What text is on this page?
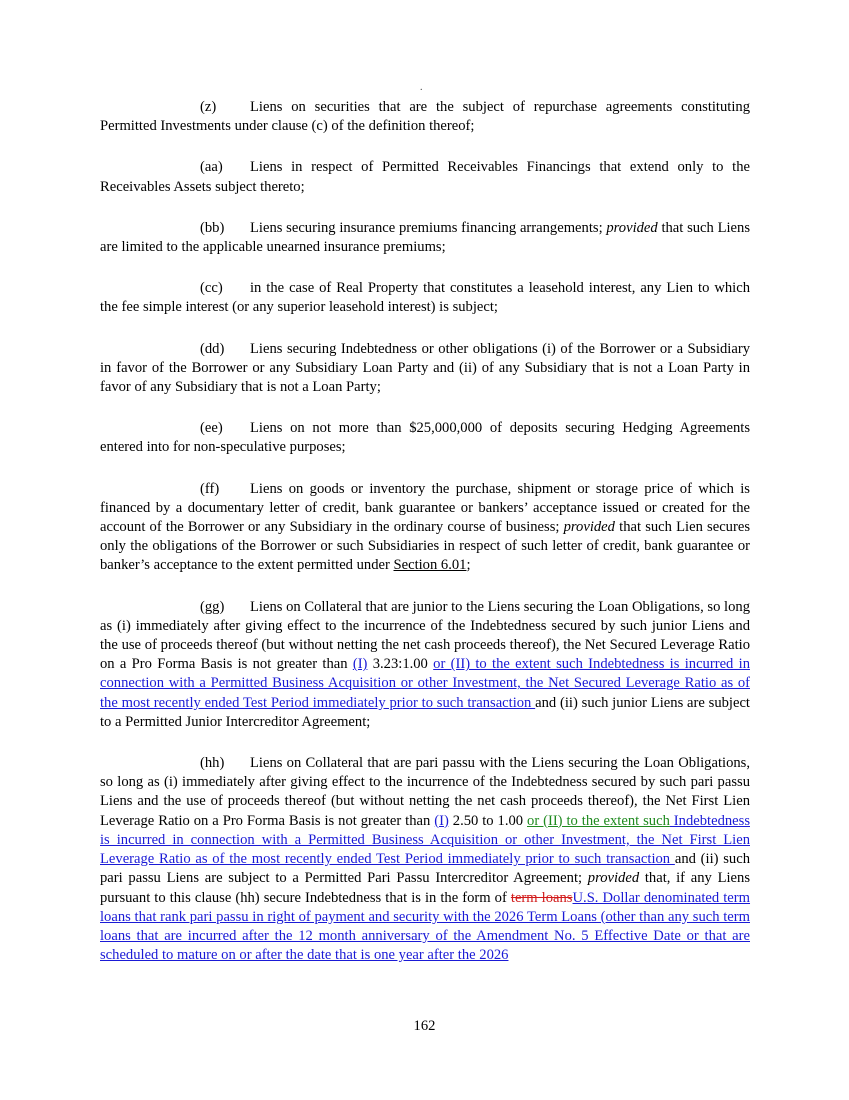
.

(z) Liens on securities that are the subject of repurchase agreements constituting Permitted Investments under clause (c) of the definition thereof;

(aa) Liens in respect of Permitted Receivables Financings that extend only to the Receivables Assets subject thereto;

(bb) Liens securing insurance premiums financing arrangements; provided that such Liens are limited to the applicable unearned insurance premiums;

(cc) in the case of Real Property that constitutes a leasehold interest, any Lien to which the fee simple interest (or any superior leasehold interest) is subject;

(dd) Liens securing Indebtedness or other obligations (i) of the Borrower or a Subsidiary in favor of the Borrower or any Subsidiary Loan Party and (ii) of any Subsidiary that is not a Loan Party in favor of any Subsidiary that is not a Loan Party;

(ee) Liens on not more than $25,000,000 of deposits securing Hedging Agreements entered into for non-speculative purposes;

(ff) Liens on goods or inventory the purchase, shipment or storage price of which is financed by a documentary letter of credit, bank guarantee or bankers’ acceptance issued or created for the account of the Borrower or any Subsidiary in the ordinary course of business; provided that such Lien secures only the obligations of the Borrower or such Subsidiaries in respect of such letter of credit, bank guarantee or banker’s acceptance to the extent permitted under Section 6.01;

(gg) Liens on Collateral that are junior to the Liens securing the Loan Obligations, so long as (i) immediately after giving effect to the incurrence of the Indebtedness secured by such junior Liens and the use of proceeds thereof (but without netting the net cash proceeds thereof), the Net Secured Leverage Ratio on a Pro Forma Basis is not greater than (I) 3.23:1.00 or (II) to the extent such Indebtedness is incurred in connection with a Permitted Business Acquisition or other Investment, the Net Secured Leverage Ratio as of the most recently ended Test Period immediately prior to such transaction and (ii) such junior Liens are subject to a Permitted Junior Intercreditor Agreement;

(hh) Liens on Collateral that are pari passu with the Liens securing the Loan Obligations, so long as (i) immediately after giving effect to the incurrence of the Indebtedness secured by such pari passu Liens and the use of proceeds thereof (but without netting the net cash proceeds thereof), the Net First Lien Leverage Ratio on a Pro Forma Basis is not greater than (I) 2.50 to 1.00 or (II) to the extent such Indebtedness is incurred in connection with a Permitted Business Acquisition or other Investment, the Net First Lien Leverage Ratio as of the most recently ended Test Period immediately prior to such transaction and (ii) such pari passu Liens are subject to a Permitted Pari Passu Intercreditor Agreement; provided that, if any Liens pursuant to this clause (hh) secure Indebtedness that is in the form of term loansU.S. Dollar denominated term loans that rank pari passu in right of payment and security with the 2026 Term Loans (other than any such term loans that are incurred after the 12 month anniversary of the Amendment No. 5 Effective Date or that are scheduled to mature on or after the date that is one year after the 2026

162
